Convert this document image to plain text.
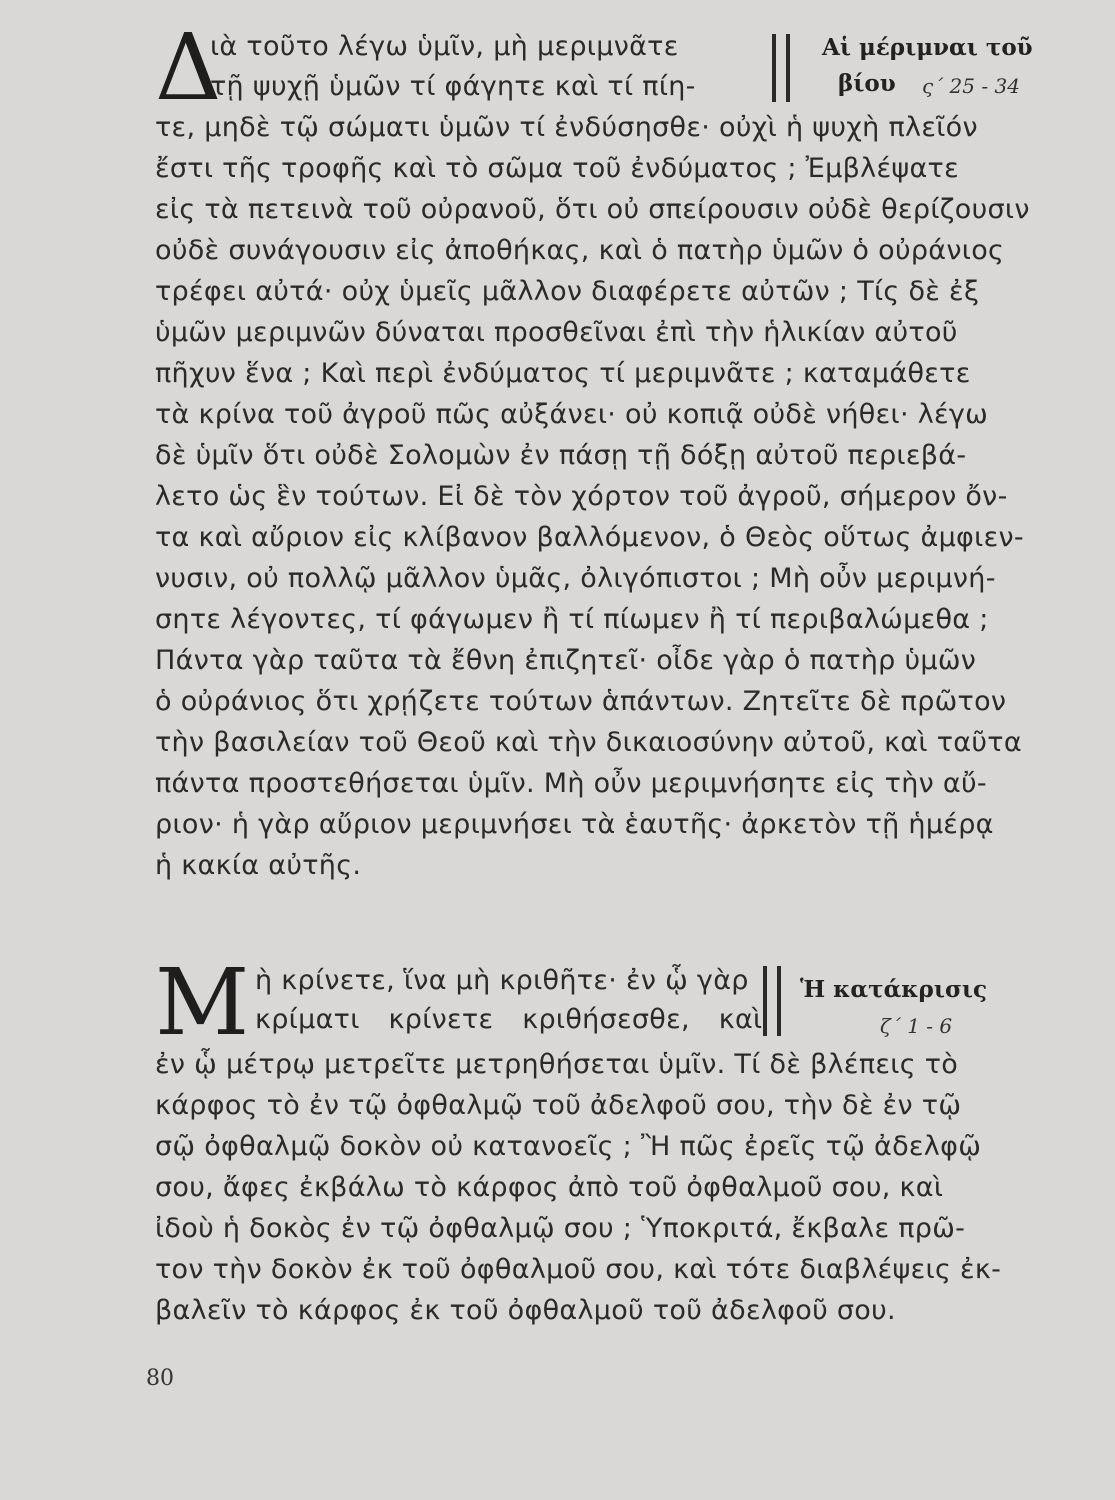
Δ
ιὰ τοῦτο λέγω ὑμῖν, μὴ μεριμνᾶτε
τῇ ψυχῇ ὑμῶν τί φάγητε καὶ τί πίη-
Αἱ μέριμναι τοῦ
βίου ς´ 25 - 34
τε, μηδὲ τῷ σώματι ὑμῶν τί ἐνδύσησθε· οὐχὶ ἡ ψυχὴ πλεῖόν
ἔστι τῆς τροφῆς καὶ τὸ σῶμα τοῦ ἐνδύματος ; Ἐμβλέψατε
εἰς τὰ πετεινὰ τοῦ οὐρανοῦ, ὅτι οὐ σπείρουσιν οὐδὲ θερίζουσιν
οὐδὲ συνάγουσιν εἰς ἀποθήκας, καὶ ὁ πατὴρ ὑμῶν ὁ οὐράνιος
τρέφει αὐτά· οὐχ ὑμεῖς μᾶλλον διαφέρετε αὐτῶν ; Τίς δὲ ἐξ
ὑμῶν μεριμνῶν δύναται προσθεῖναι ἐπὶ τὴν ἡλικίαν αὐτοῦ
πῆχυν ἕνα ; Καὶ περὶ ἐνδύματος τί μεριμνᾶτε ; καταμάθετε
τὰ κρίνα τοῦ ἀγροῦ πῶς αὐξάνει· οὐ κοπιᾷ οὐδὲ νήθει· λέγω
δὲ ὑμῖν ὅτι οὐδὲ Σολομὼν ἐν πάσῃ τῇ δόξῃ αὐτοῦ περιεβά-
λετο ὡς ἓν τούτων. Εἰ δὲ τὸν χόρτον τοῦ ἀγροῦ, σήμερον ὄν-
τα καὶ αὔριον εἰς κλίβανον βαλλόμενον, ὁ Θεὸς οὕτως ἀμφιεν-
νυσιν, οὐ πολλῷ μᾶλλον ὑμᾶς, ὀλιγόπιστοι ; Μὴ οὖν μεριμνή-
σητε λέγοντες, τί φάγωμεν ἢ τί πίωμεν ἢ τί περιβαλώμεθα ;
Πάντα γὰρ ταῦτα τὰ ἔθνη ἐπιζητεῖ· οἶδε γὰρ ὁ πατὴρ ὑμῶν
ὁ οὐράνιος ὅτι χρῄζετε τούτων ἁπάντων. Ζητεῖτε δὲ πρῶτον
τὴν βασιλείαν τοῦ Θεοῦ καὶ τὴν δικαιοσύνην αὐτοῦ, καὶ ταῦτα
πάντα προστεθήσεται ὑμῖν. Μὴ οὖν μεριμνήσητε εἰς τὴν αὔ-
ριον· ἡ γὰρ αὔριον μεριμνήσει τὰ ἑαυτῆς· ἀρκετὸν τῇ ἡμέρᾳ
ἡ κακία αὐτῆς.
Μ ὴ κρίνετε, ἵνα μὴ κριθῆτε· ἐν ᾧ γὰρ
κρίματι κρίνετε κριθήσεσθε, καὶ
Ἡ κατάκρισις
ζ´ 1 - 6
ἐν ᾧ μέτρῳ μετρεῖτε μετρηθήσεται ὑμῖν. Τί δὲ βλέπεις τὸ
κάρφος τὸ ἐν τῷ ὀφθαλμῷ τοῦ ἀδελφοῦ σου, τὴν δὲ ἐν τῷ
σῷ ὀφθαλμῷ δοκὸν οὐ κατανοεῖς ; Ἢ πῶς ἐρεῖς τῷ ἀδελφῷ
σου, ἄφες ἐκβάλω τὸ κάρφος ἀπὸ τοῦ ὀφθαλμοῦ σου, καὶ
ἰδοὺ ἡ δοκὸς ἐν τῷ ὀφθαλμῷ σου ; Ὑποκριτά, ἔκβαλε πρῶ-
τον τὴν δοκὸν ἐκ τοῦ ὀφθαλμοῦ σου, καὶ τότε διαβλέψεις ἐκ-
βαλεῖν τὸ κάρφος ἐκ τοῦ ὀφθαλμοῦ τοῦ ἀδελφοῦ σου.
80
